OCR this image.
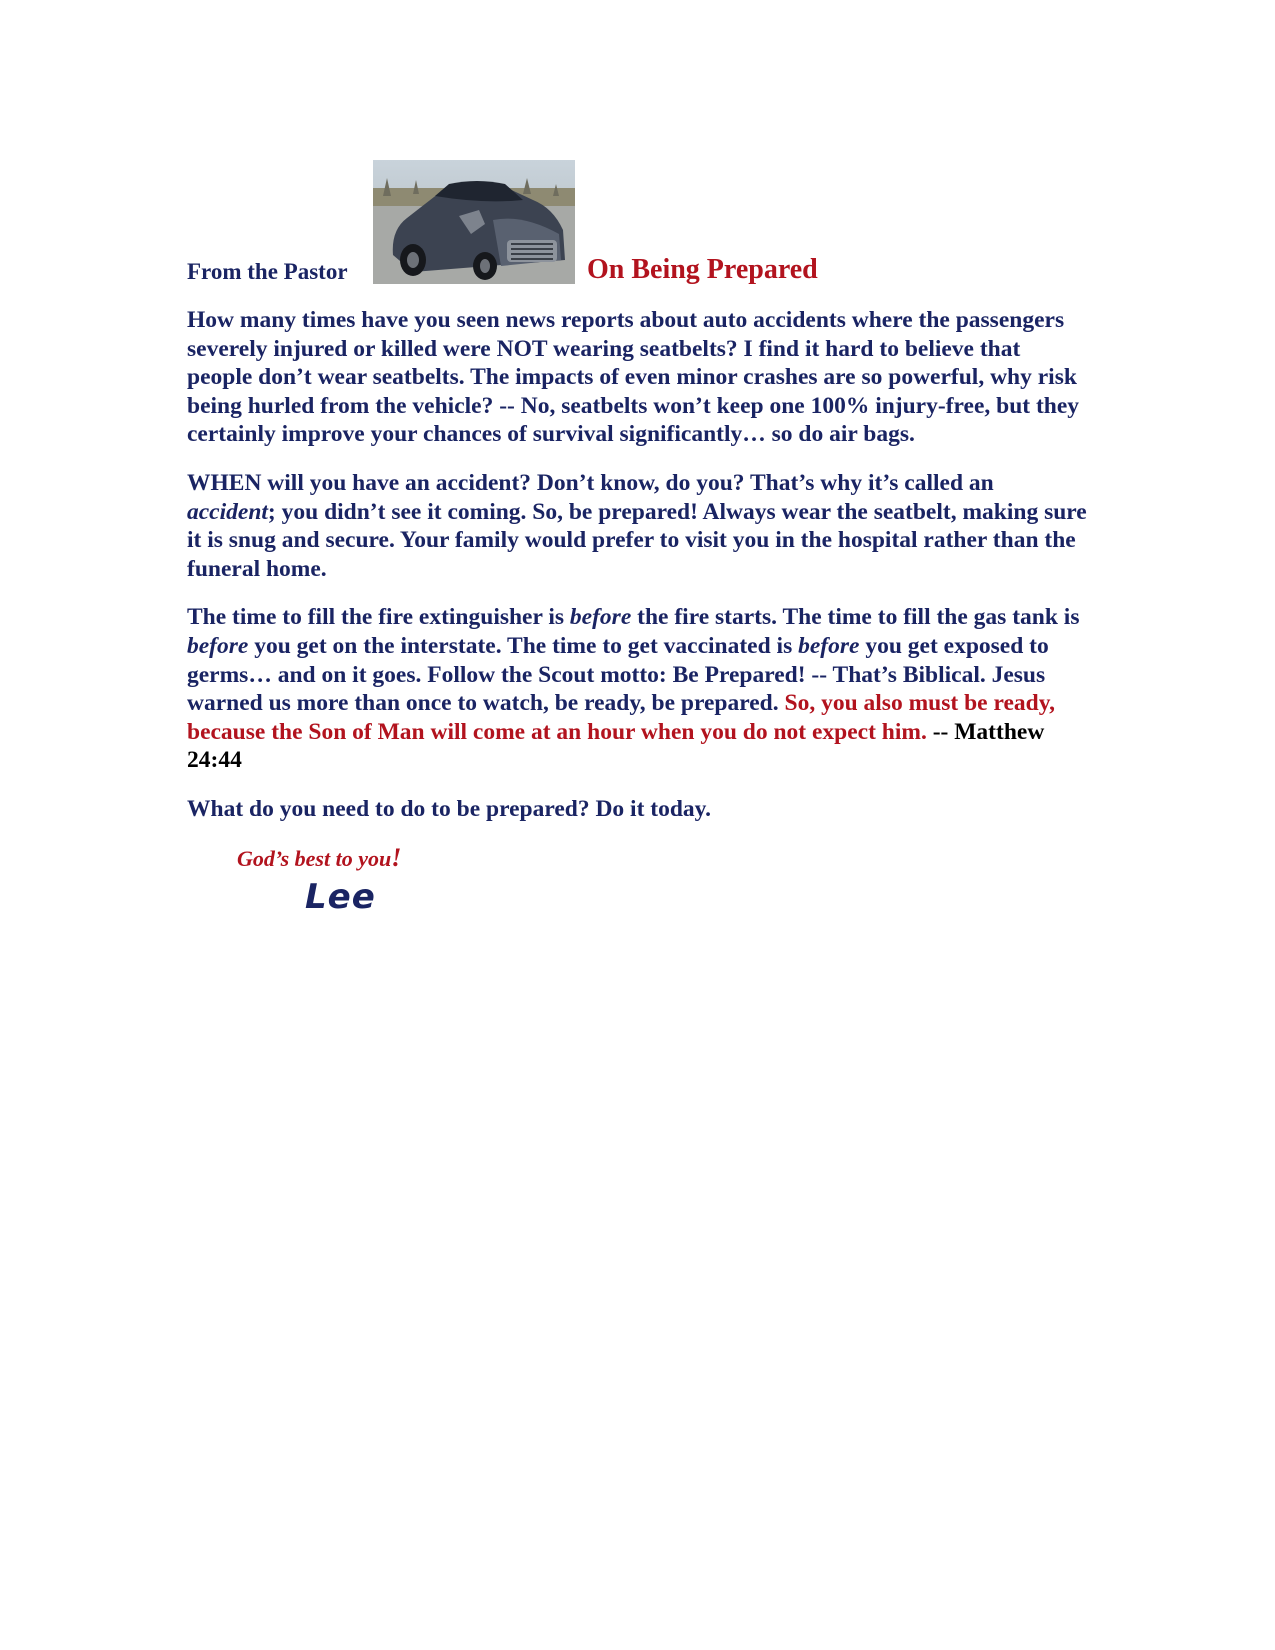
From the Pastor	On Being Prepared

How many times have you seen news reports about auto accidents where the passengers severely injured or killed were NOT wearing seatbelts? I find it hard to believe that people don’t wear seatbelts. The impacts of even minor crashes are so powerful, why risk being hurled from the vehicle? -- No, seatbelts won’t keep one 100% injury-free, but they certainly improve your chances of survival significantly… so do air bags.

WHEN will you have an accident? Don’t know, do you? That’s why it’s called an accident; you didn’t see it coming. So, be prepared! Always wear the seatbelt, making sure it is snug and secure. Your family would prefer to visit you in the hospital rather than the funeral home.

The time to fill the fire extinguisher is before the fire starts. The time to fill the gas tank is before you get on the interstate. The time to get vaccinated is before you get exposed to germs… and on it goes. Follow the Scout motto: Be Prepared! -- That’s Biblical. Jesus warned us more than once to watch, be ready, be prepared. So, you also must be ready, because the Son of Man will come at an hour when you do not expect him. -- Matthew 24:44

What do you need to do to be prepared? Do it today.

God’s best to you!
Lee
